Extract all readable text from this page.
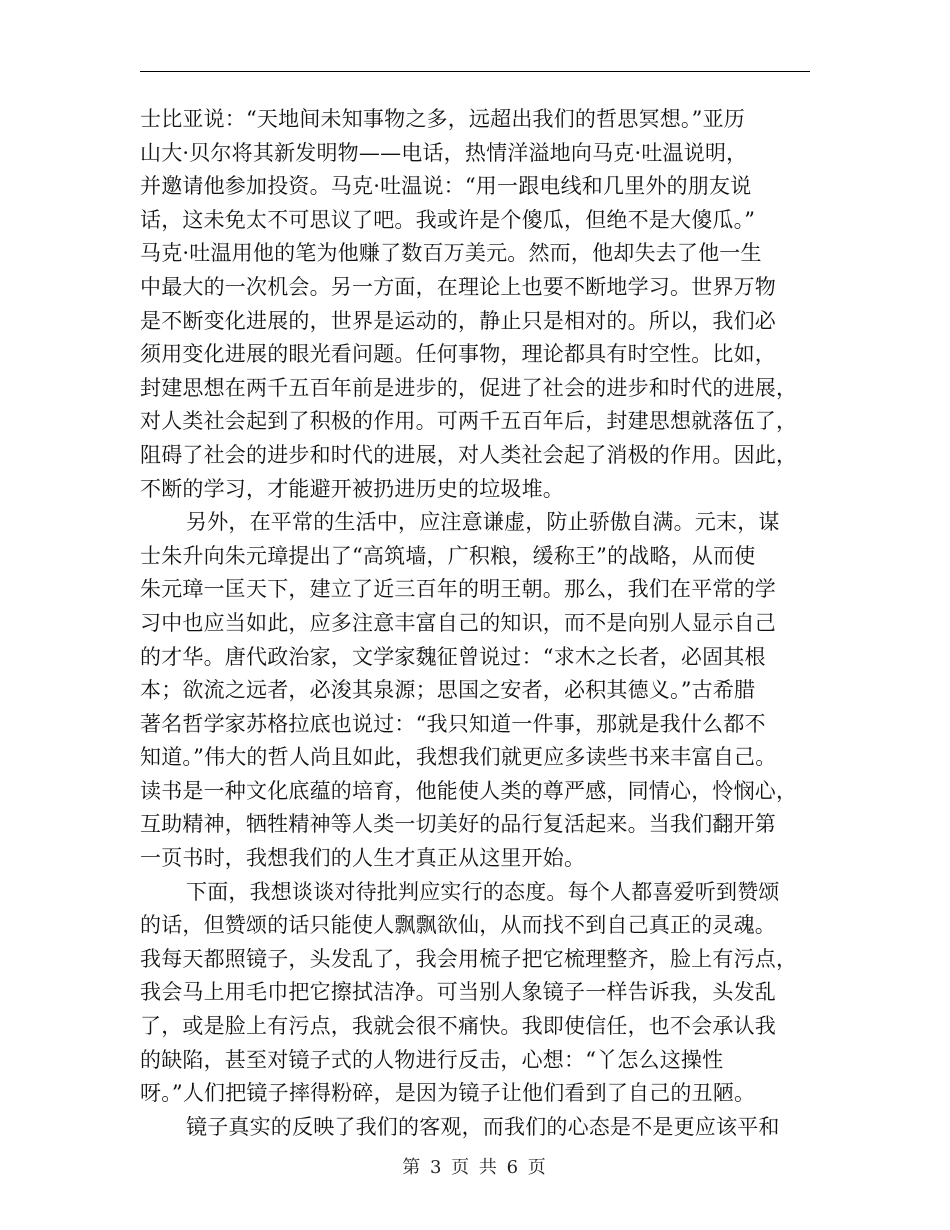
士比亚说：“天地间未知事物之多，远超出我们的哲思冥想。”亚历
山大·贝尔将其新发明物——电话，热情洋溢地向马克·吐温说明，
并邀请他参加投资。马克·吐温说：“用一跟电线和几里外的朋友说
话，这未免太不可思议了吧。我或许是个傻瓜，但绝不是大傻瓜。”
马克·吐温用他的笔为他赚了数百万美元。然而，他却失去了他一生
中最大的一次机会。另一方面，在理论上也要不断地学习。世界万物
是不断变化进展的，世界是运动的，静止只是相对的。所以，我们必
须用变化进展的眼光看问题。任何事物，理论都具有时空性。比如，
封建思想在两千五百年前是进步的，促进了社会的进步和时代的进展，
对人类社会起到了积极的作用。可两千五百年后，封建思想就落伍了，
阻碍了社会的进步和时代的进展，对人类社会起了消极的作用。因此，
不断的学习，才能避开被扔进历史的垃圾堆。
另外，在平常的生活中，应注意谦虚，防止骄傲自满。元末，谋
士朱升向朱元璋提出了“高筑墙，广积粮，缓称王”的战略，从而使
朱元璋一匡天下，建立了近三百年的明王朝。那么，我们在平常的学
习中也应当如此，应多注意丰富自己的知识，而不是向别人显示自己
的才华。唐代政治家，文学家魏征曾说过：“求木之长者，必固其根
本；欲流之远者，必浚其泉源；思国之安者，必积其德义。”古希腊
著名哲学家苏格拉底也说过：“我只知道一件事，那就是我什么都不
知道。”伟大的哲人尚且如此，我想我们就更应多读些书来丰富自己。
读书是一种文化底蕴的培育，他能使人类的尊严感，同情心，怜悯心，
互助精神，牺牲精神等人类一切美好的品行复活起来。当我们翻开第
一页书时，我想我们的人生才真正从这里开始。
下面，我想谈谈对待批判应实行的态度。每个人都喜爱听到赞颂
的话，但赞颂的话只能使人飘飘欲仙，从而找不到自己真正的灵魂。
我每天都照镜子，头发乱了，我会用梳子把它梳理整齐，脸上有污点，
我会马上用毛巾把它擦拭洁净。可当别人象镜子一样告诉我，头发乱
了，或是脸上有污点，我就会很不痛快。我即使信任，也不会承认我
的缺陷，甚至对镜子式的人物进行反击，心想：“丫怎么这操性
呀。”人们把镜子摔得粉碎，是因为镜子让他们看到了自己的丑陋。
镜子真实的反映了我们的客观，而我们的心态是不是更应该平和
第 3 页 共 6 页
